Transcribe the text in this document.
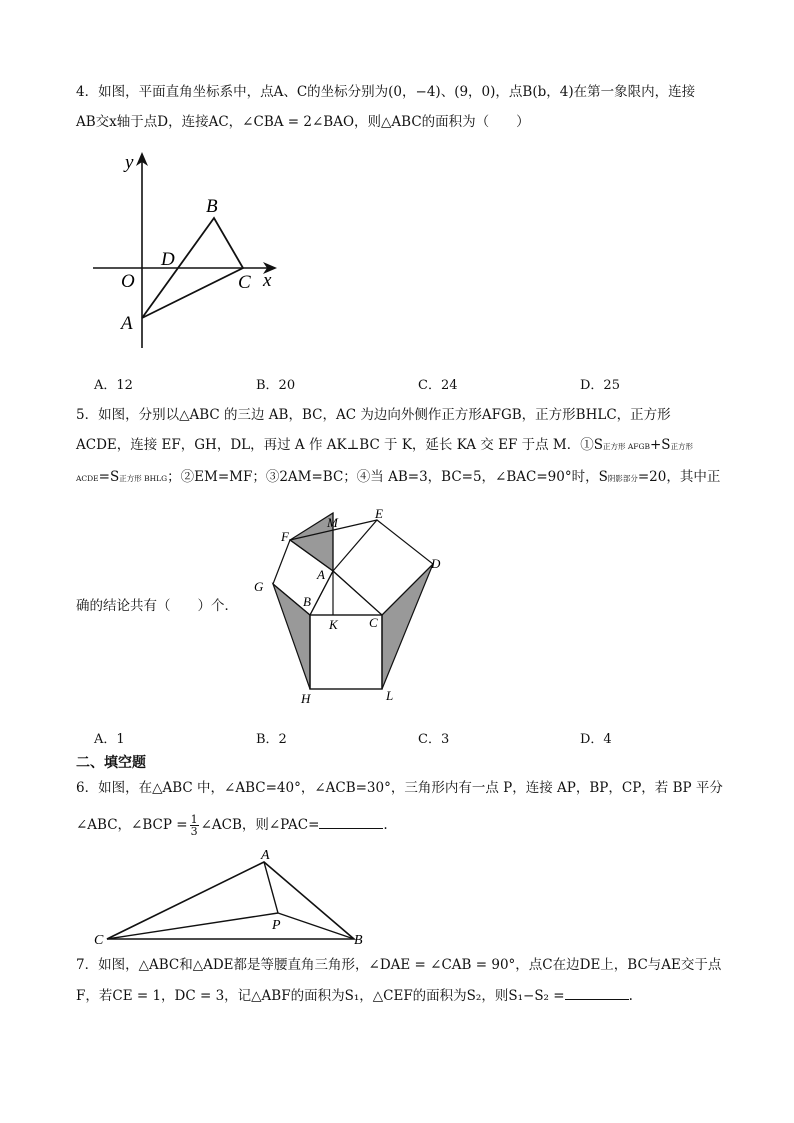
4．如图，平面直角坐标系中，点A、C的坐标分别为(0，−4)、(9，0)，点B(b，4)在第一象限内，连接
AB交x轴于点D，连接AC，∠CBA = 2∠BAO，则△ABC的面积为（　　）
y
x
O
A
B
C
D
A．12	B．20	C．24	D．25
5．如图，分别以△ABC 的三边 AB，BC，AC 为边向外侧作正方形AFGB，正方形BHLC，正方形
ACDE，连接 EF，GH，DL，再过 A 作 AK⊥BC 于 K，延长 KA 交 EF 于点 M．①S正方形 AFGB+S正方形
ACDE=S正方形 BHLG；②EM=MF；③2AM=BC；④当 AB=3，BC=5，∠BAC=90°时，S阴影部分=20，其中正
确的结论共有（　　）个．
M
E
F
D
A
G
B
K C
H	L
A．1	B．2	C．3	D．4
二、填空题
6．如图，在△ABC 中，∠ABC=40°，∠ACB=30°，三角形内有一点 P，连接 AP，BP，CP，若 BP 平分
∠ABC，∠BCP = $\frac{1}{3}$ ∠ACB，则∠PAC=	.
A
P
B
C
7．如图，△ABC和△ADE都是等腰直角三角形，∠DAE = ∠CAB = 90°，点C在边DE上，BC与AE交于点
F，若CE = 1，DC = 3，记△ABF的面积为S₁，△CEF的面积为S₂，则S₁−S₂ =	.
